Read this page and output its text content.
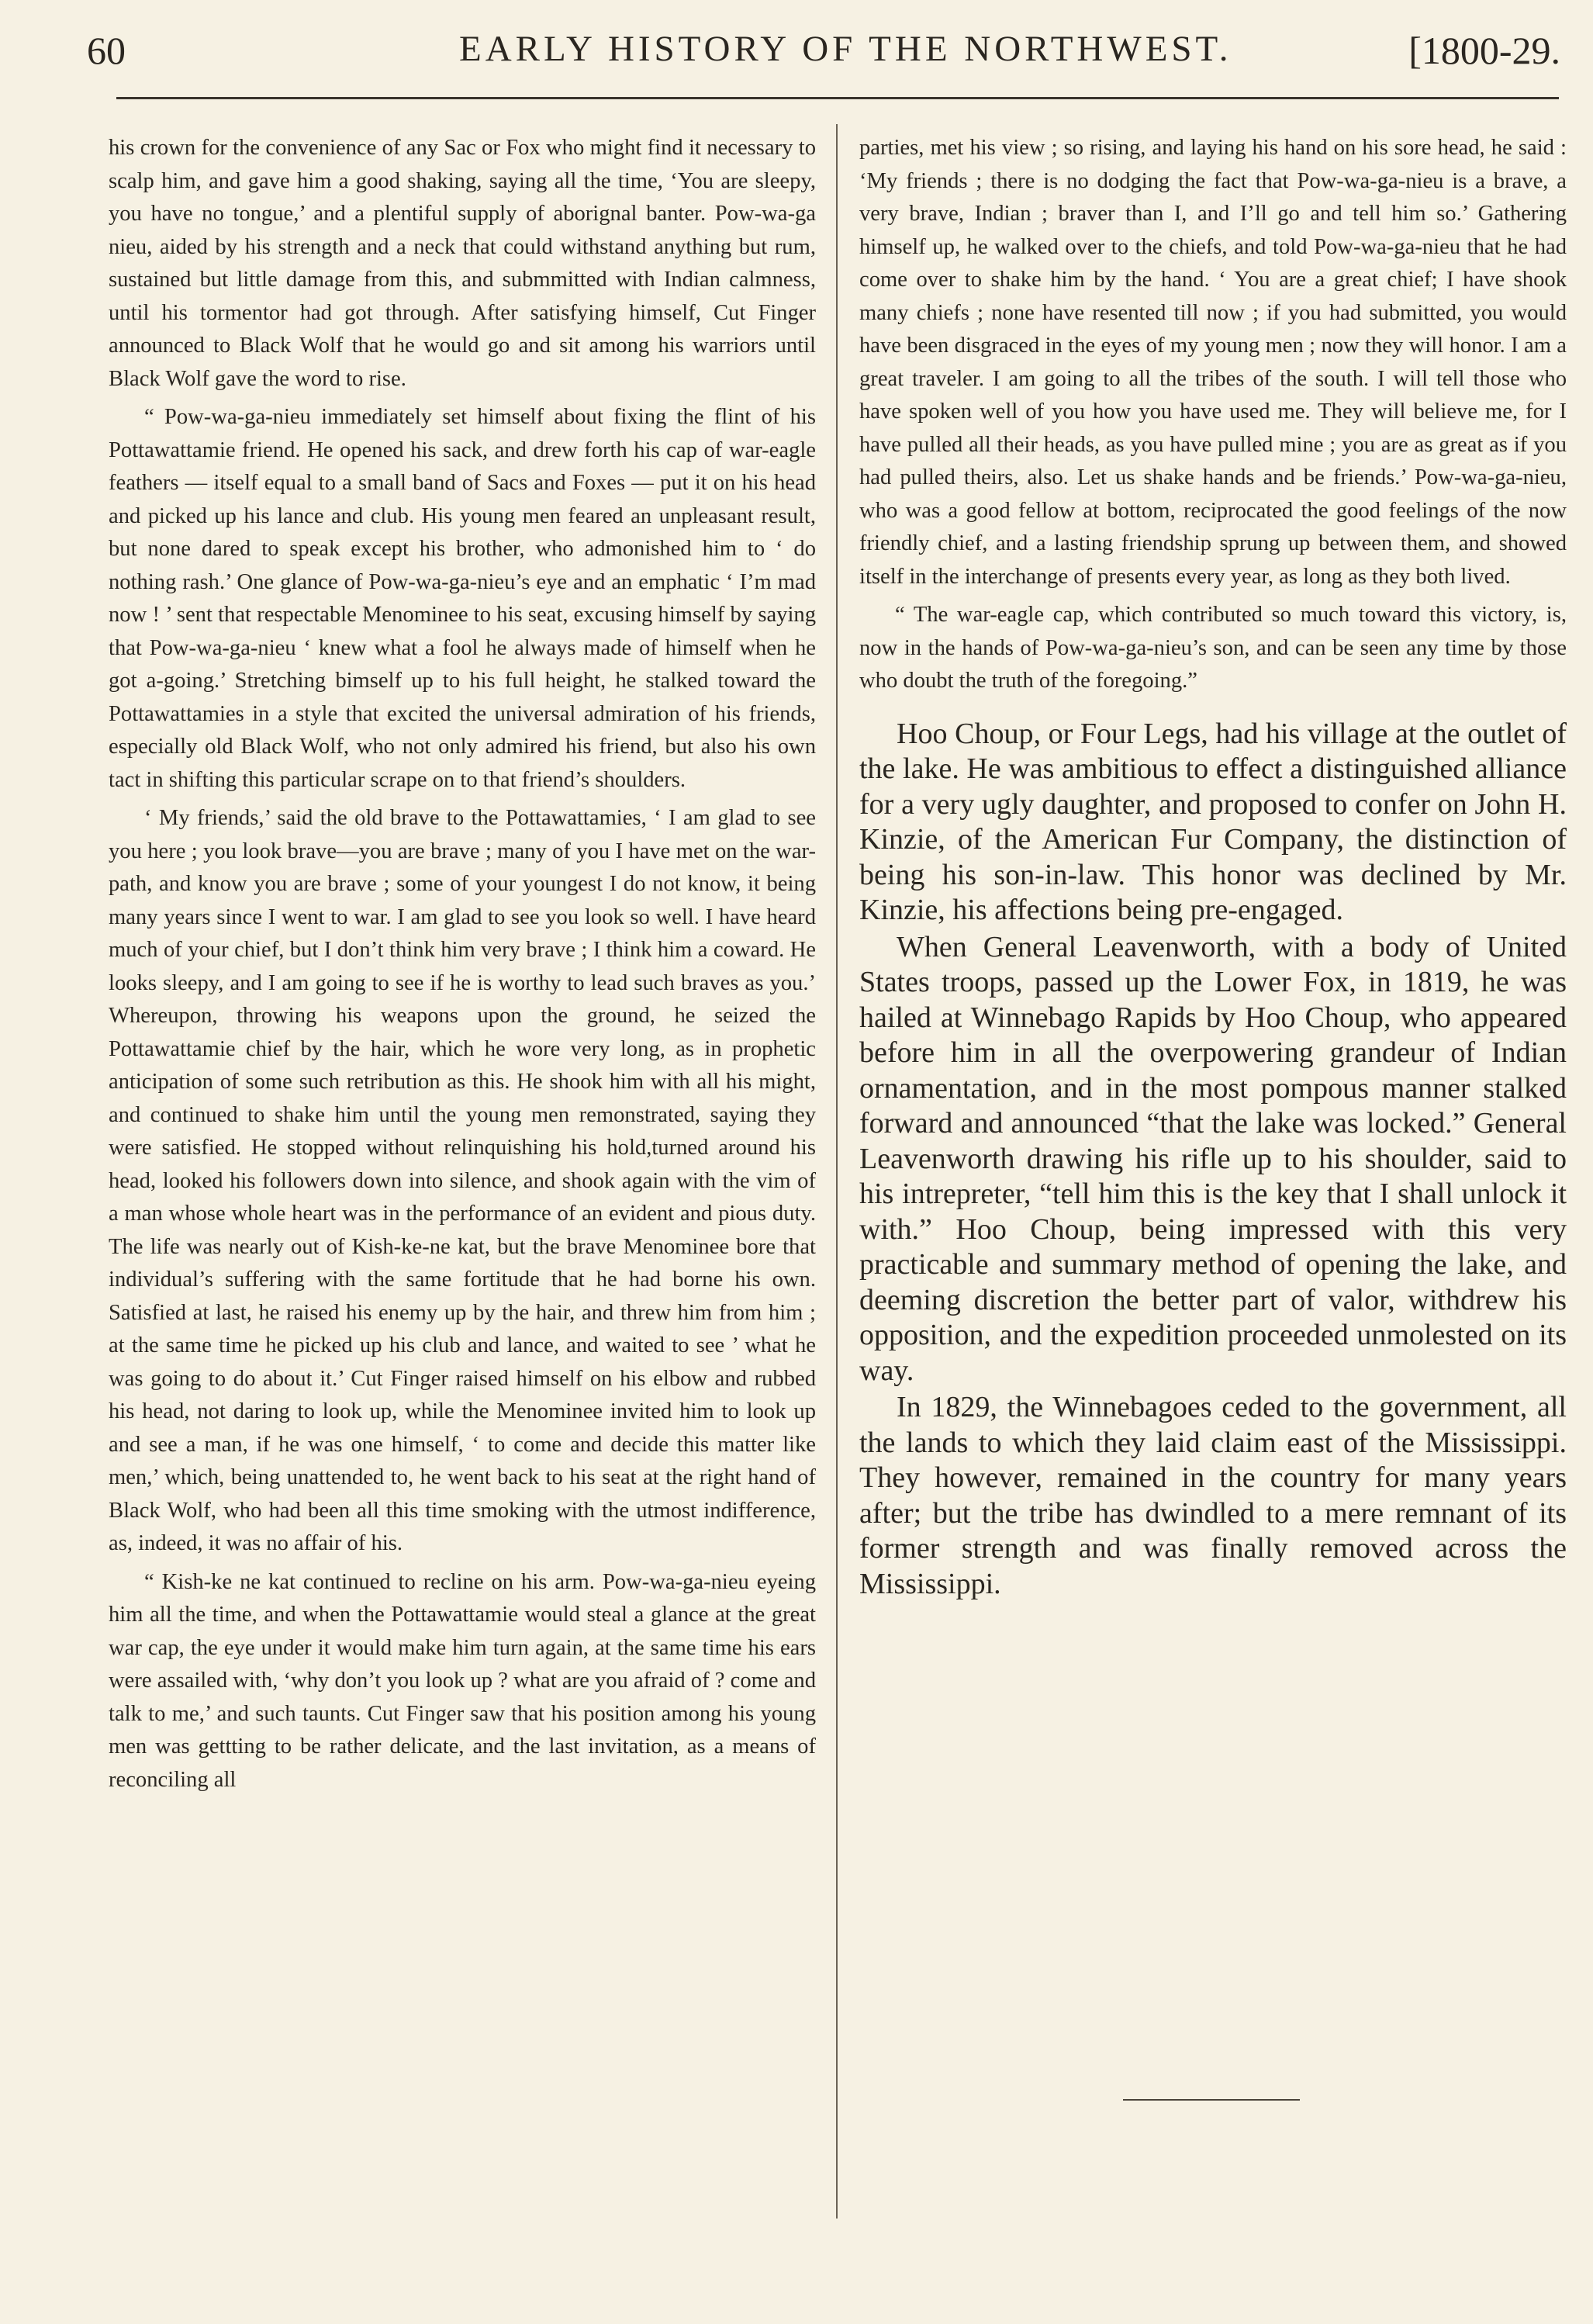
60	EARLY HISTORY OF THE NORTHWEST.	[1800-29.

his crown for the convenience of any Sac or Fox who might find it necessary to scalp him, and gave him a good shaking, saying all the time, ‘You are sleepy, you have no tongue,’ and a plentiful supply of aborignal banter. Pow-wa-ga nieu, aided by his strength and a neck that could withstand anything but rum, sustained but little damage from this, and submmitted with Indian calmness, until his tormentor had got through. After satisfying himself, Cut Finger announced to Black Wolf that he would go and sit among his warriors until Black Wolf gave the word to rise.

“ Pow-wa-ga-nieu immediately set himself about fixing the flint of his Pottawattamie friend. He opened his sack, and drew forth his cap of war-eagle feathers — itself equal to a small band of Sacs and Foxes — put it on his head and picked up his lance and club. His young men feared an unpleasant result, but none dared to speak except his brother, who admonished him to ‘ do nothing rash.’ One glance of Pow-wa-ga-nieu’s eye and an emphatic ‘ I’m mad now ! ’ sent that respectable Menominee to his seat, excusing himself by saying that Pow-wa-ga-nieu ‘ knew what a fool he always made of himself when he got a-going.’ Stretching bimself up to his full height, he stalked toward the Pottawattamies in a style that excited the universal admiration of his friends, especially old Black Wolf, who not only admired his friend, but also his own tact in shifting this particular scrape on to that friend’s shoulders.

‘ My friends,’ said the old brave to the Pottawattamies, ‘ I am glad to see you here ; you look brave—you are brave ; many of you I have met on the war-path, and know you are brave ; some of your youngest I do not know, it being many years since I went to war. I am glad to see you look so well. I have heard much of your chief, but I don’t think him very brave ; I think him a coward. He looks sleepy, and I am going to see if he is worthy to lead such braves as you.’ Whereupon, throwing his weapons upon the ground, he seized the Pottawattamie chief by the hair, which he wore very long, as in prophetic anticipation of some such retribution as this. He shook him with all his might, and continued to shake him until the young men remonstrated, saying they were satisfied. He stopped without relinquishing his hold,turned around his head, looked his followers down into silence, and shook again with the vim of a man whose whole heart was in the performance of an evident and pious duty. The life was nearly out of Kish-ke-ne kat, but the brave Menominee bore that individual’s suffering with the same fortitude that he had borne his own. Satisfied at last, he raised his enemy up by the hair, and threw him from him ; at the same time he picked up his club and lance, and waited to see ’ what he was going to do about it.’ Cut Finger raised himself on his elbow and rubbed his head, not daring to look up, while the Menominee invited him to look up and see a man, if he was one himself, ‘ to come and decide this matter like men,’ which, being unattended to, he went back to his seat at the right hand of Black Wolf, who had been all this time smoking with the utmost indifference, as, indeed, it was no affair of his.

“ Kish-ke ne kat continued to recline on his arm. Pow-wa-ga-nieu eyeing him all the time, and when the Pottawattamie would steal a glance at the great war cap, the eye under it would make him turn again, at the same time his ears were assailed with, ‘why don’t you look up ? what are you afraid of ? come and talk to me,’ and such taunts. Cut Finger saw that his position among his young men was gettting to be rather delicate, and the last invitation, as a means of reconciling all

parties, met his view ; so rising, and laying his hand on his sore head, he said : ‘My friends ; there is no dodging the fact that Pow-wa-ga-nieu is a brave, a very brave, Indian ; braver than I, and I’ll go and tell him so.’ Gathering himself up, he walked over to the chiefs, and told Pow-wa-ga-nieu that he had come over to shake him by the hand. ‘ You are a great chief; I have shook many chiefs ; none have resented till now ; if you had submitted, you would have been disgraced in the eyes of my young men ; now they will honor. I am a great traveler. I am going to all the tribes of the south. I will tell those who have spoken well of you how you have used me. They will believe me, for I have pulled all their heads, as you have pulled mine ; you are as great as if you had pulled theirs, also. Let us shake hands and be friends.’ Pow-wa-ga-nieu, who was a good fellow at bottom, reciprocated the good feelings of the now friendly chief, and a lasting friendship sprung up between them, and showed itself in the interchange of presents every year, as long as they both lived.

“ The war-eagle cap, which contributed so much toward this victory, is, now in the hands of Pow-wa-ga-nieu’s son, and can be seen any time by those who doubt the truth of the foregoing.”

Hoo Choup, or Four Legs, had his village at the outlet of the lake. He was ambitious to effect a distinguished alliance for a very ugly daughter, and proposed to confer on John H. Kinzie, of the American Fur Company, the distinction of being his son-in-law. This honor was declined by Mr. Kinzie, his affections being pre-engaged.

When General Leavenworth, with a body of United States troops, passed up the Lower Fox, in 1819, he was hailed at Winnebago Rapids by Hoo Choup, who appeared before him in all the overpowering grandeur of Indian ornamentation, and in the most pompous manner stalked forward and announced “that the lake was locked.” General Leavenworth drawing his rifle up to his shoulder, said to his intrepreter, “tell him this is the key that I shall unlock it with.” Hoo Choup, being impressed with this very practicable and summary method of opening the lake, and deeming discretion the better part of valor, withdrew his opposition, and the expedition proceeded unmolested on its way.

In 1829, the Winnebagoes ceded to the government, all the lands to which they laid claim east of the Mississippi. They however, remained in the country for many years after; but the tribe has dwindled to a mere remnant of its former strength and was finally removed across the Mississippi.
